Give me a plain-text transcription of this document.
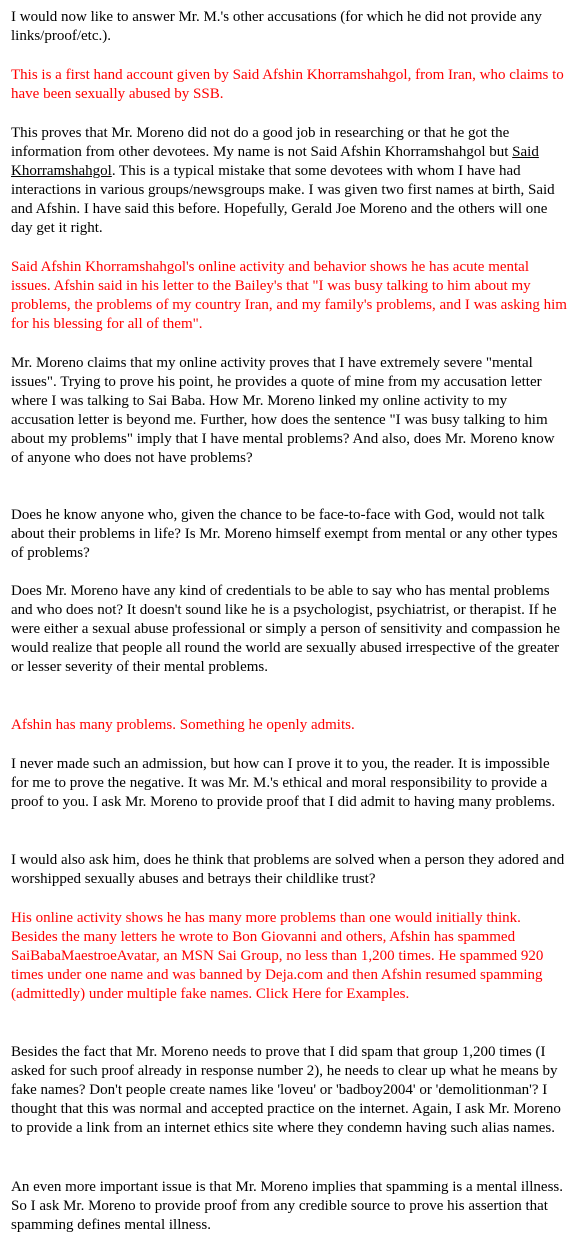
I would now like to answer Mr. M.'s other accusations (for which he did not provide any links/proof/etc.).

This is a first hand account given by Said Afshin Khorramshahgol, from Iran, who claims to have been sexually abused by SSB.

This proves that Mr. Moreno did not do a good job in researching or that he got the information from other devotees. My name is not Said Afshin Khorramshahgol but Said Khorramshahgol. This is a typical mistake that some devotees with whom I have had interactions in various groups/newsgroups make. I was given two first names at birth, Said and Afshin. I have said this before. Hopefully, Gerald Joe Moreno and the others will one day get it right.

Said Afshin Khorramshahgol's online activity and behavior shows he has acute mental issues. Afshin said in his letter to the Bailey's that "I was busy talking to him about my problems, the problems of my country Iran, and my family's problems, and I was asking him for his blessing for all of them".

Mr. Moreno claims that my online activity proves that I have extremely severe "mental issues". Trying to prove his point, he provides a quote of mine from my accusation letter where I was talking to Sai Baba. How Mr. Moreno linked my online activity to my accusation letter is beyond me. Further, how does the sentence "I was busy talking to him about my problems" imply that I have mental problems? And also, does Mr. Moreno know of anyone who does not have problems?

Does he know anyone who, given the chance to be face-to-face with God, would not talk about their problems in life? Is Mr. Moreno himself exempt from mental or any other types of problems?

Does Mr. Moreno have any kind of credentials to be able to say who has mental problems and who does not? It doesn't sound like he is a psychologist, psychiatrist, or therapist. If he were either a sexual abuse professional or simply a person of sensitivity and compassion he would realize that people all round the world are sexually abused irrespective of the greater or lesser severity of their mental problems.

Afshin has many problems. Something he openly admits.

I never made such an admission, but how can I prove it to you, the reader. It is impossible for me to prove the negative. It was Mr. M.'s ethical and moral responsibility to provide a proof to you. I ask Mr. Moreno to provide proof that I did admit to having many problems.

I would also ask him, does he think that problems are solved when a person they adored and worshipped sexually abuses and betrays their childlike trust?

His online activity shows he has many more problems than one would initially think. Besides the many letters he wrote to Bon Giovanni and others, Afshin has spammed SaiBabaMaestroeAvatar, an MSN Sai Group, no less than 1,200 times. He spammed 920 times under one name and was banned by Deja.com and then Afshin resumed spamming (admittedly) under multiple fake names. Click Here for Examples.

Besides the fact that Mr. Moreno needs to prove that I did spam that group 1,200 times (I asked for such proof already in response number 2), he needs to clear up what he means by fake names? Don't people create names like 'loveu' or 'badboy2004' or 'demolitionman'? I thought that this was normal and accepted practice on the internet. Again, I ask Mr. Moreno to provide a link from an internet ethics site where they condemn having such alias names.

An even more important issue is that Mr. Moreno implies that spamming is a mental illness. So I ask Mr. Moreno to provide proof from any credible source to prove his assertion that spamming defines mental illness.
